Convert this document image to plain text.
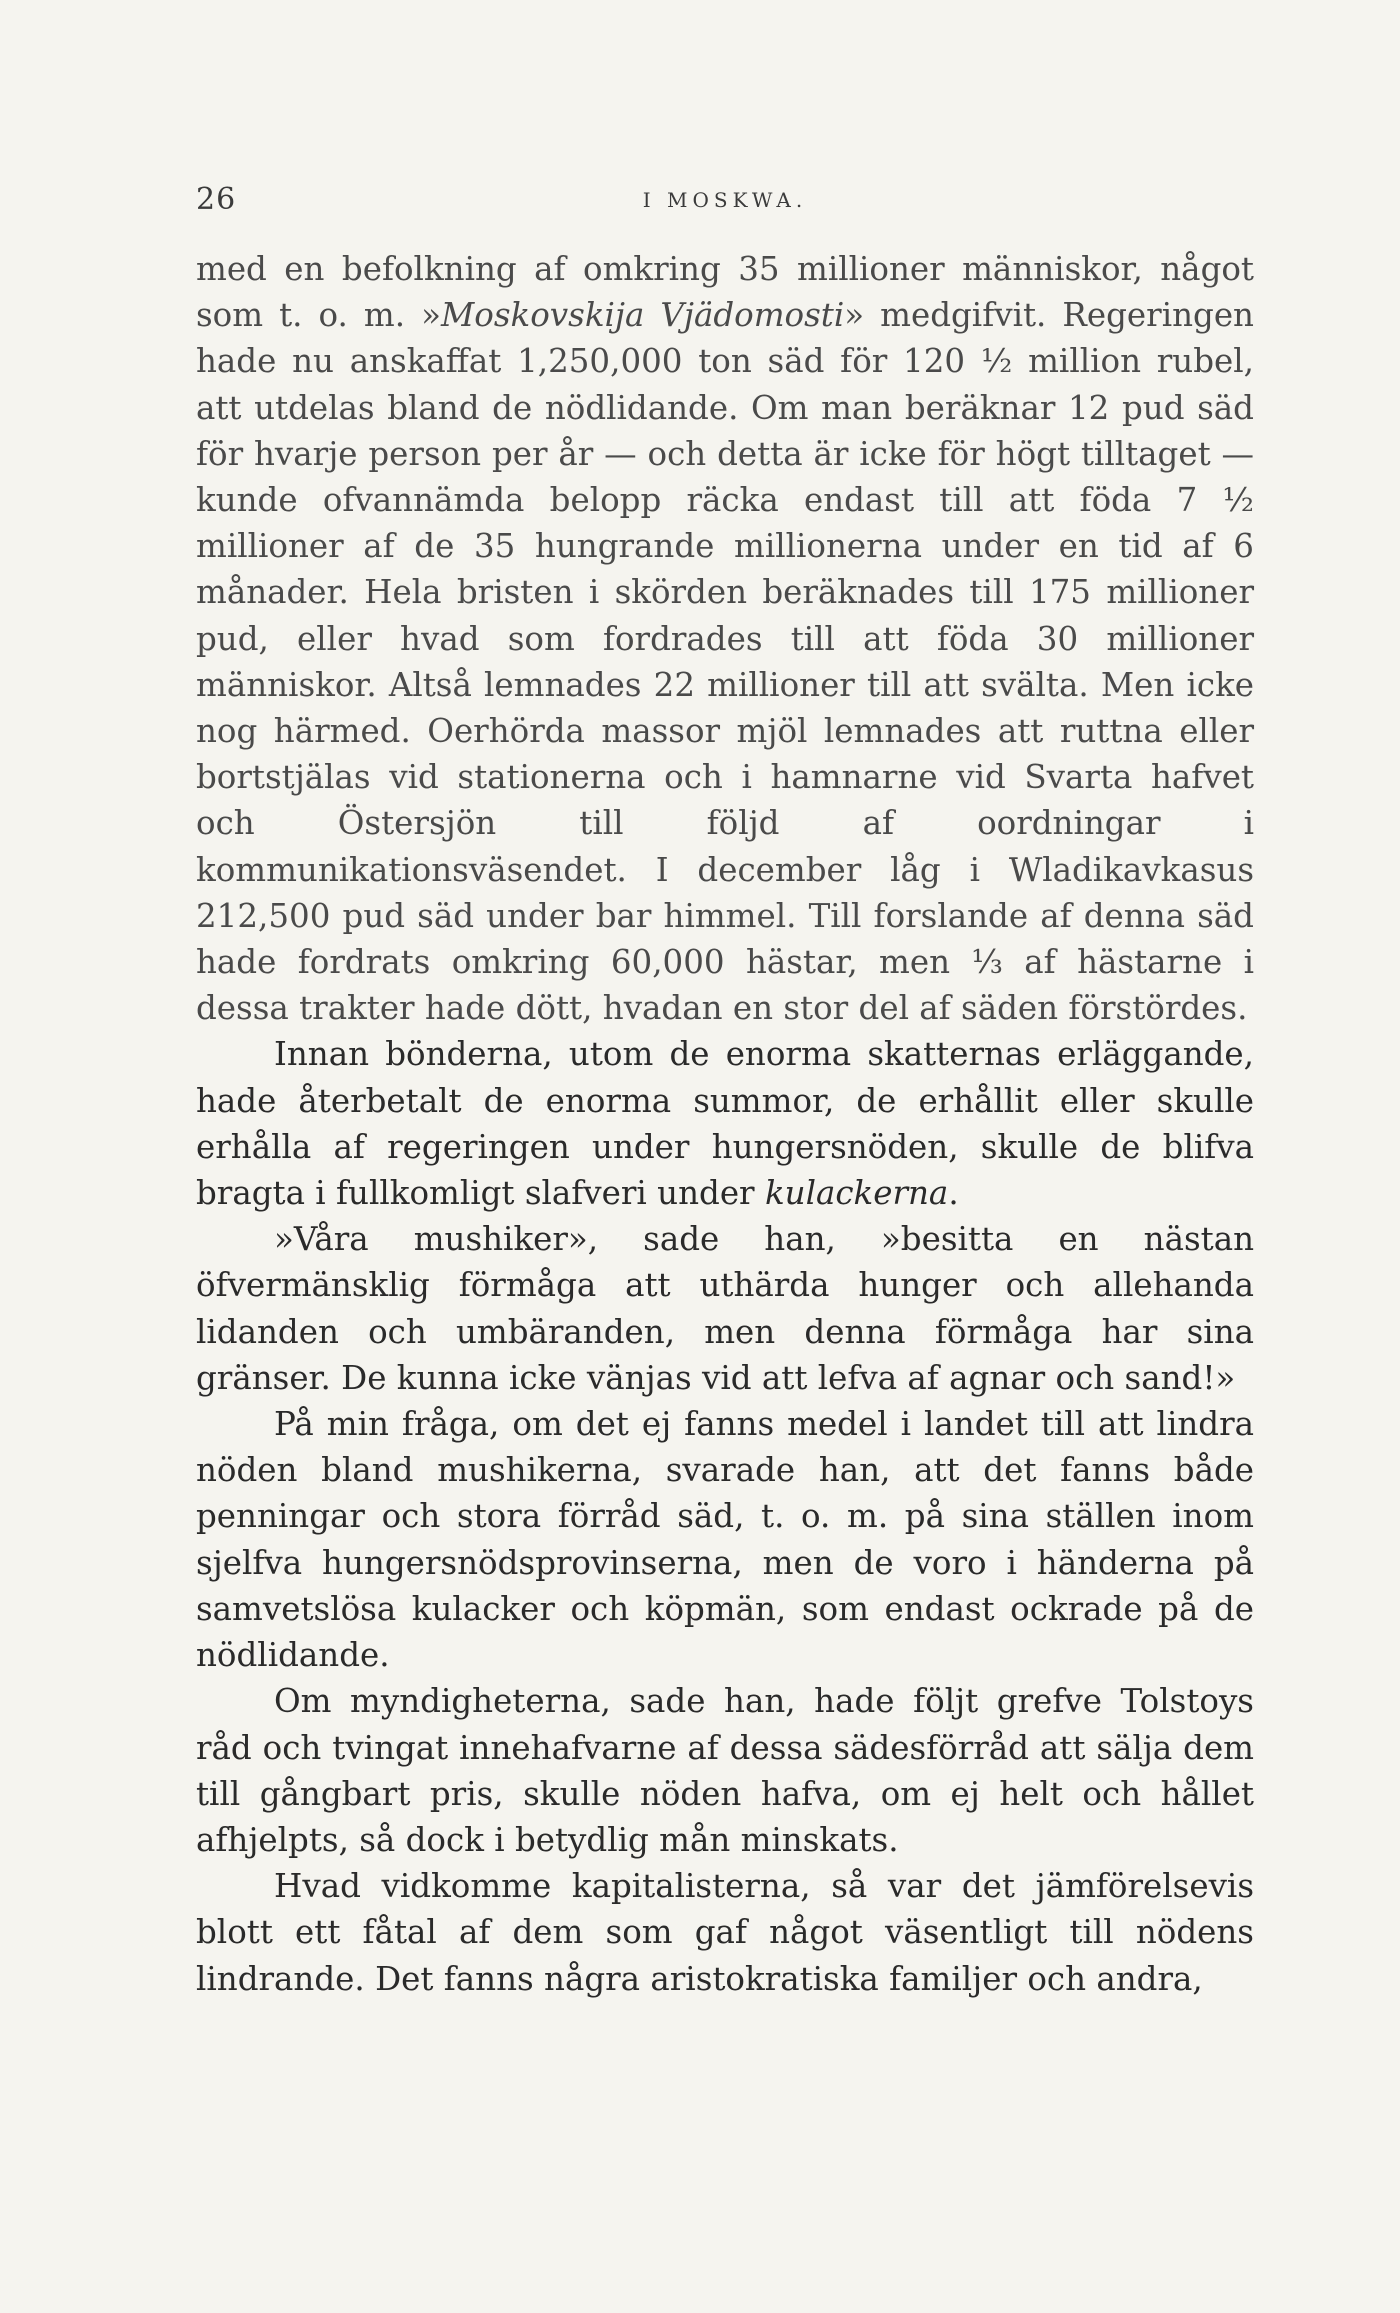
26	I MOSKWA.

med en befolkning af omkring 35 millioner människor, något som t. o. m. »Moskovskija Vjädomosti» medgifvit. Regeringen hade nu anskaffat 1,250,000 ton säd för 120 ½ million rubel, att utdelas bland de nödlidande. Om man beräknar 12 pud säd för hvarje person per år — och detta är icke för högt tilltaget — kunde ofvannämda belopp räcka endast till att föda 7 ½ millioner af de 35 hungrande millionerna under en tid af 6 månader. Hela bristen i skörden beräknades till 175 millioner pud, eller hvad som fordrades till att föda 30 millioner människor. Altså lemnades 22 millioner till att svälta. Men icke nog härmed. Oerhörda massor mjöl lemnades att ruttna eller bortstjälas vid stationerna och i hamnarne vid Svarta hafvet och Östersjön till följd af oordningar i kommunikationsväsendet. I december låg i Wladikavkasus 212,500 pud säd under bar himmel. Till forslande af denna säd hade fordrats omkring 60,000 hästar, men ⅓ af hästarne i dessa trakter hade dött, hvadan en stor del af säden förstördes.

Innan bönderna, utom de enorma skatternas erläggande, hade återbetalt de enorma summor, de erhållit eller skulle erhålla af regeringen under hungersnöden, skulle de blifva bragta i fullkomligt slafveri under kulackerna.

»Våra mushiker», sade han, »besitta en nästan öfvermänsklig förmåga att uthärda hunger och allehanda lidanden och umbäranden, men denna förmåga har sina gränser. De kunna icke vänjas vid att lefva af agnar och sand!»

På min fråga, om det ej fanns medel i landet till att lindra nöden bland mushikerna, svarade han, att det fanns både penningar och stora förråd säd, t. o. m. på sina ställen inom sjelfva hungersnödsprovinserna, men de voro i händerna på samvetslösa kulacker och köpmän, som endast ockrade på de nödlidande.

Om myndigheterna, sade han, hade följt grefve Tolstoys råd och tvingat innehafvarne af dessa sädesförråd att sälja dem till gångbart pris, skulle nöden hafva, om ej helt och hållet afhjelpts, så dock i betydlig mån minskats.

Hvad vidkomme kapitalisterna, så var det jämförelsevis blott ett fåtal af dem som gaf något väsentligt till nödens lindrande. Det fanns några aristokratiska familjer och andra,
